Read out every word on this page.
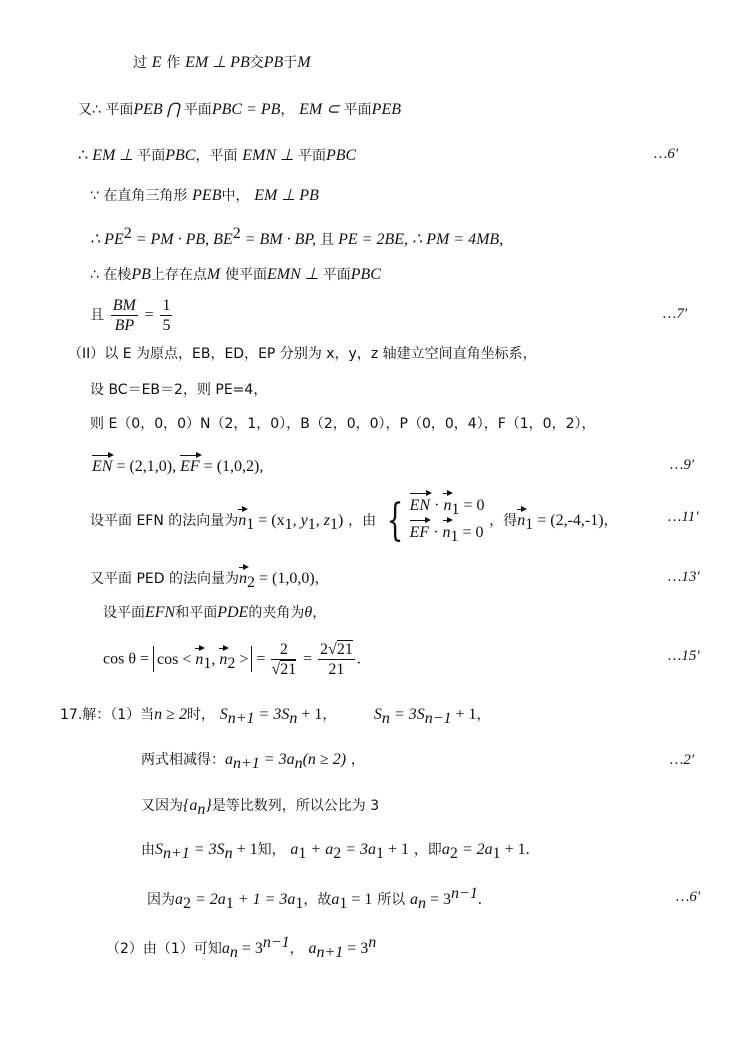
过 E 作 EM ⊥ PB交PB于M
又∴ 平面PEB ⋂ 平面PBC = PB， EM ⊂ 平面PEB
∴ EM ⊥ 平面PBC，平面 EMN ⊥ 平面PBC	…6′
∵ 在直角三角形 PEB中， EM ⊥ PB
∴ $PE^2$ = PM · PB, $BE^2$ = BM · BP, 且 PE = 2BE, ∴ PM = 4MB,
∴ 在棱PB上存在点M 使平面EMN ⊥ 平面PBC
且 $\frac{BM}{BP} = \frac{1}{5}$	…7′
（II）以 E 为原点，EB，ED，EP 分别为 x，y，z 轴建立空间直角坐标系，
设 BC＝EB＝2，则 PE=4，
则 E（0，0，0）N（2，1，0），B（2，0，0），P（0，0，4），F（1，0，2），
EN = (2,1,0), EF = (1,0,2),	…9′
设平面 EFN 的法向量为$n_1 = (x_1$, $y_1$, $z_1$) ，由 { EN · $n_1 = 0$
EF · $n_1 = 0$
，得$n_1 = (2,-4,-1)$，	…11′
又平面 PED 的法向量为$n_2 = (1,0,0)$，	…13′
设平面EFN和平面PDE的夹角为θ，
$\cos \theta = \cos < n_1$, $n_2$ > = $\frac{2}{√21} = \frac{2√21}{21}$ .	…15′
17.解：（1）当n ≥ 2时， $S_{n+1} = 3S_n + 1$， $S_n = 3S_{n-1} + 1$，
两式相减得：$a_{n+1} = 3a_n(n \ge 2)$ ，	…2′
又因为$\{a_n\}$是等比数列，所以公比为 3
由$S_{n+1} = 3S_n + 1$知， $a_1 + a_2 = 3a_1 + 1$ ，即$a_2 = 2a_1 + 1$.
因为$a_2 = 2a_1 + 1 = 3a_1$，故$a_1 = 1$ 所以 $a_n = 3^{n-1}$.	…6′
（2）由（1）可知$a_n = 3^{n-1}$， $a_{n+1} = 3^n$
